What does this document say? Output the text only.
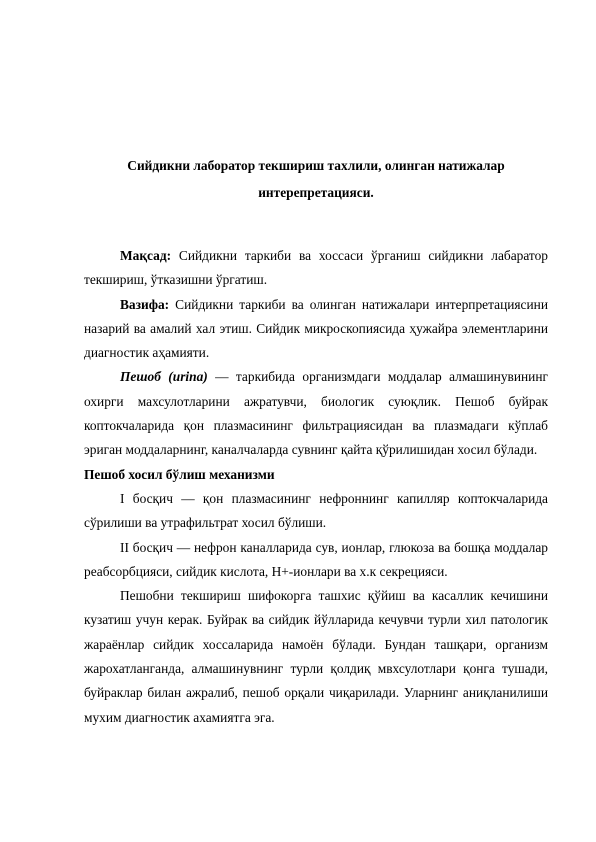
Сийдикни лаборатор текшириш тахлили, олинган натижалар
интерепретацияси.

Мақсад: Сийдикни таркиби ва хоссаси ўрганиш сийдикни лабаратор текшириш, ўтказишни ўргатиш.

Вазифа: Сийдикни таркиби ва олинган натижалари интерпретациясини назарий ва амалий хал этиш. Сийдик микроскопиясида ҳужайра элементларини диагностик аҳамияти.

Пешоб (urina) — таркибида организмдаги моддалар алмашинувининг охирги махсулотларини ажратувчи, биологик суюқлик. Пешоб буйрак коптокчаларида қон плазмасининг фильтрациясидан ва плазмадаги кўплаб эриган моддаларнинг, каналчаларда сувнинг қайта қўрилишидан хосил бўлади.

Пешоб хосил бўлиш механизми

I босқич — қон плазмасининг нефроннинг капилляр коптокчаларида сўрилиши ва утрафильтрат хосил бўлиши.

II босқич — нефрон каналларида сув, ионлар, глюкоза ва бошқа моддалар реабсорбцияси, сийдик кислота, Н+-ионлари ва х.к секрецияси.

Пешобни текшириш шифокорга ташхис қўйиш ва касаллик кечишини кузатиш учун керак. Буйрак ва сийдик йўлларида кечувчи турли хил патологик жараёнлар сийдик хоссаларида намоён бўлади. Бундан ташқари, организм жарохатланганда, алмашинувнинг турли қолдиқ мвхсулотлари қонга тушади, буйраклар билан ажралиб, пешоб орқали чиқарилади. Уларнинг аниқланилиши мухим диагностик ахамиятга эга.
